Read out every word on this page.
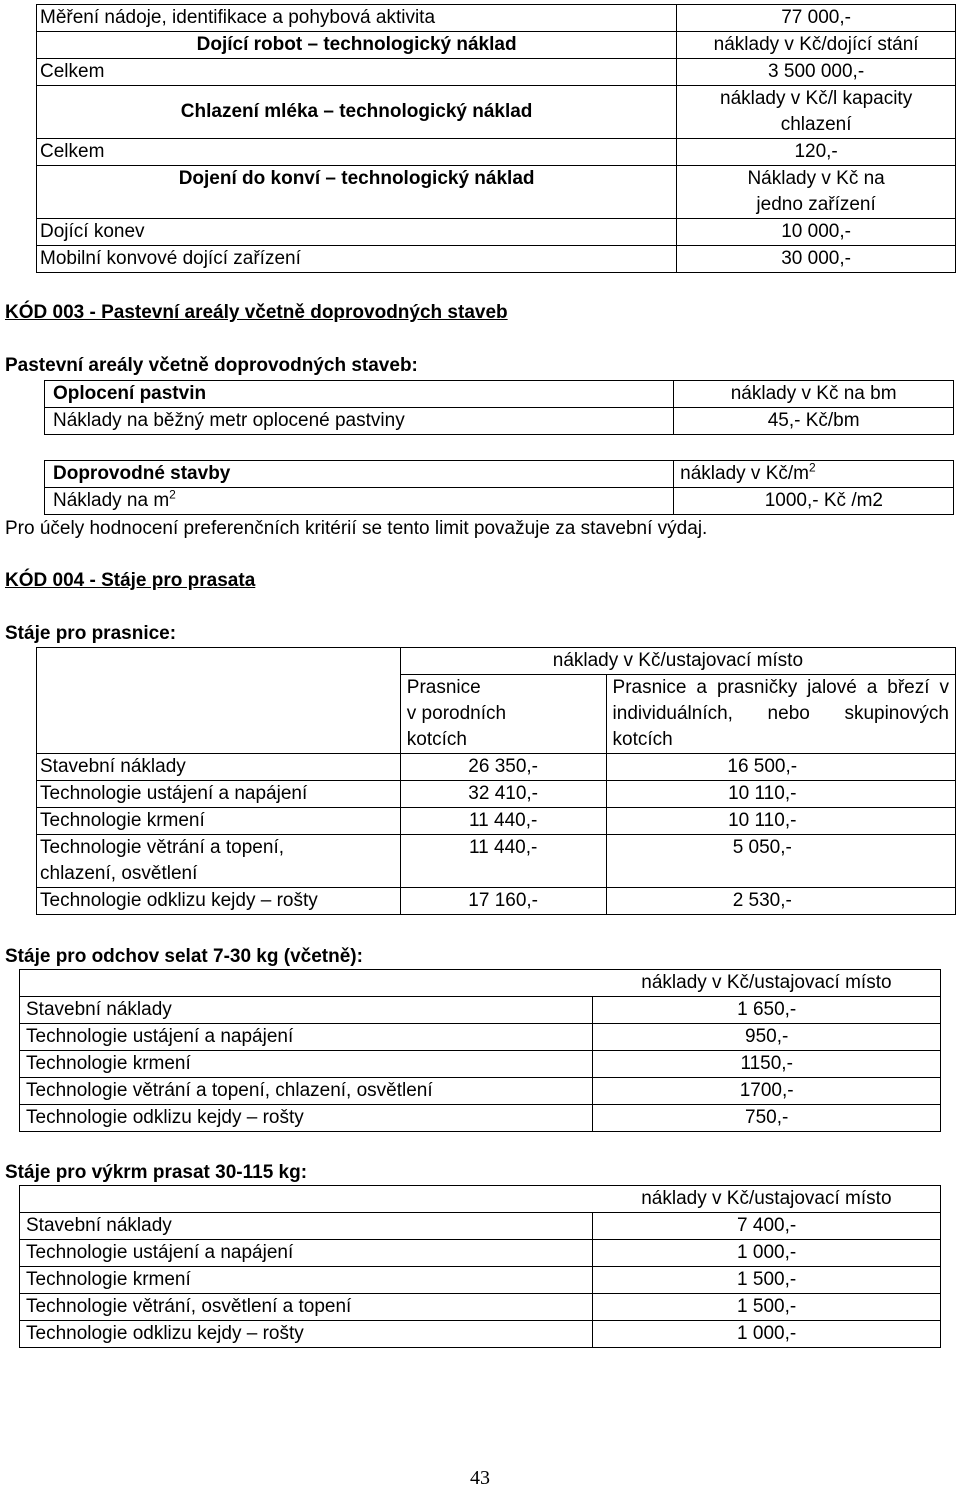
Měření nádoje, identifikace a pohybová aktivita	77 000,-
Dojící robot – technologický náklad	náklady v Kč/dojící stání
Celkem	3 500 000,-
Chlazení mléka – technologický náklad	náklady v Kč/l kapacity
chlazení

Celkem	120,-
Dojení do konví – technologický náklad	Náklady v Kč na
jedno zařízení

Dojící konev	10 000,-
Mobilní konvové dojící zařízení	30 000,-
KÓD 003 - Pastevní areály včetně doprovodných staveb
Pastevní areály včetně doprovodných staveb:
Oplocení pastvin	náklady v Kč na bm
Náklady na běžný metr oplocené pastviny	45,- Kč/bm
Doprovodné stavby	náklady v $Kč/m^2$
Náklady na $m^2$	1000,- Kč /m2
Pro účely hodnocení preferenčních kritérií se tento limit považuje za stavební výdaj.
KÓD 004 - Stáje pro prasata
Stáje pro prasnice:
	náklady v Kč/ustajovací místo	

	Prasnice
v porodních
kotcích	Prasnice a prasničky jalové a březí v individuálních, nebo skupinových kotcích
Stavební náklady	26 350,-	16 500,-
Technologie ustájení a napájení	32 410,-	10 110,-
Technologie krmení	11 440,-	10 110,-

Technologie větrání a topení,
chlazení, osvětlení	11 440,-	5 050,-
Technologie odklizu kejdy – rošty	17 160,-	2 530,-
Stáje pro odchov selat 7-30 kg (včetně):
	náklady v Kč/ustajovací místo
Stavební náklady	1 650,-
Technologie ustájení a napájení	950,-
Technologie krmení	1150,-
Technologie větrání a topení, chlazení, osvětlení	1700,-
Technologie odklizu kejdy – rošty	750,-
Stáje pro výkrm prasat 30-115 kg:
	náklady v Kč/ustajovací místo
Stavební náklady	7 400,-
Technologie ustájení a napájení	1 000,-
Technologie krmení	1 500,-
Technologie větrání, osvětlení a topení	1 500,-
Technologie odklizu kejdy – rošty	1 000,-
43
